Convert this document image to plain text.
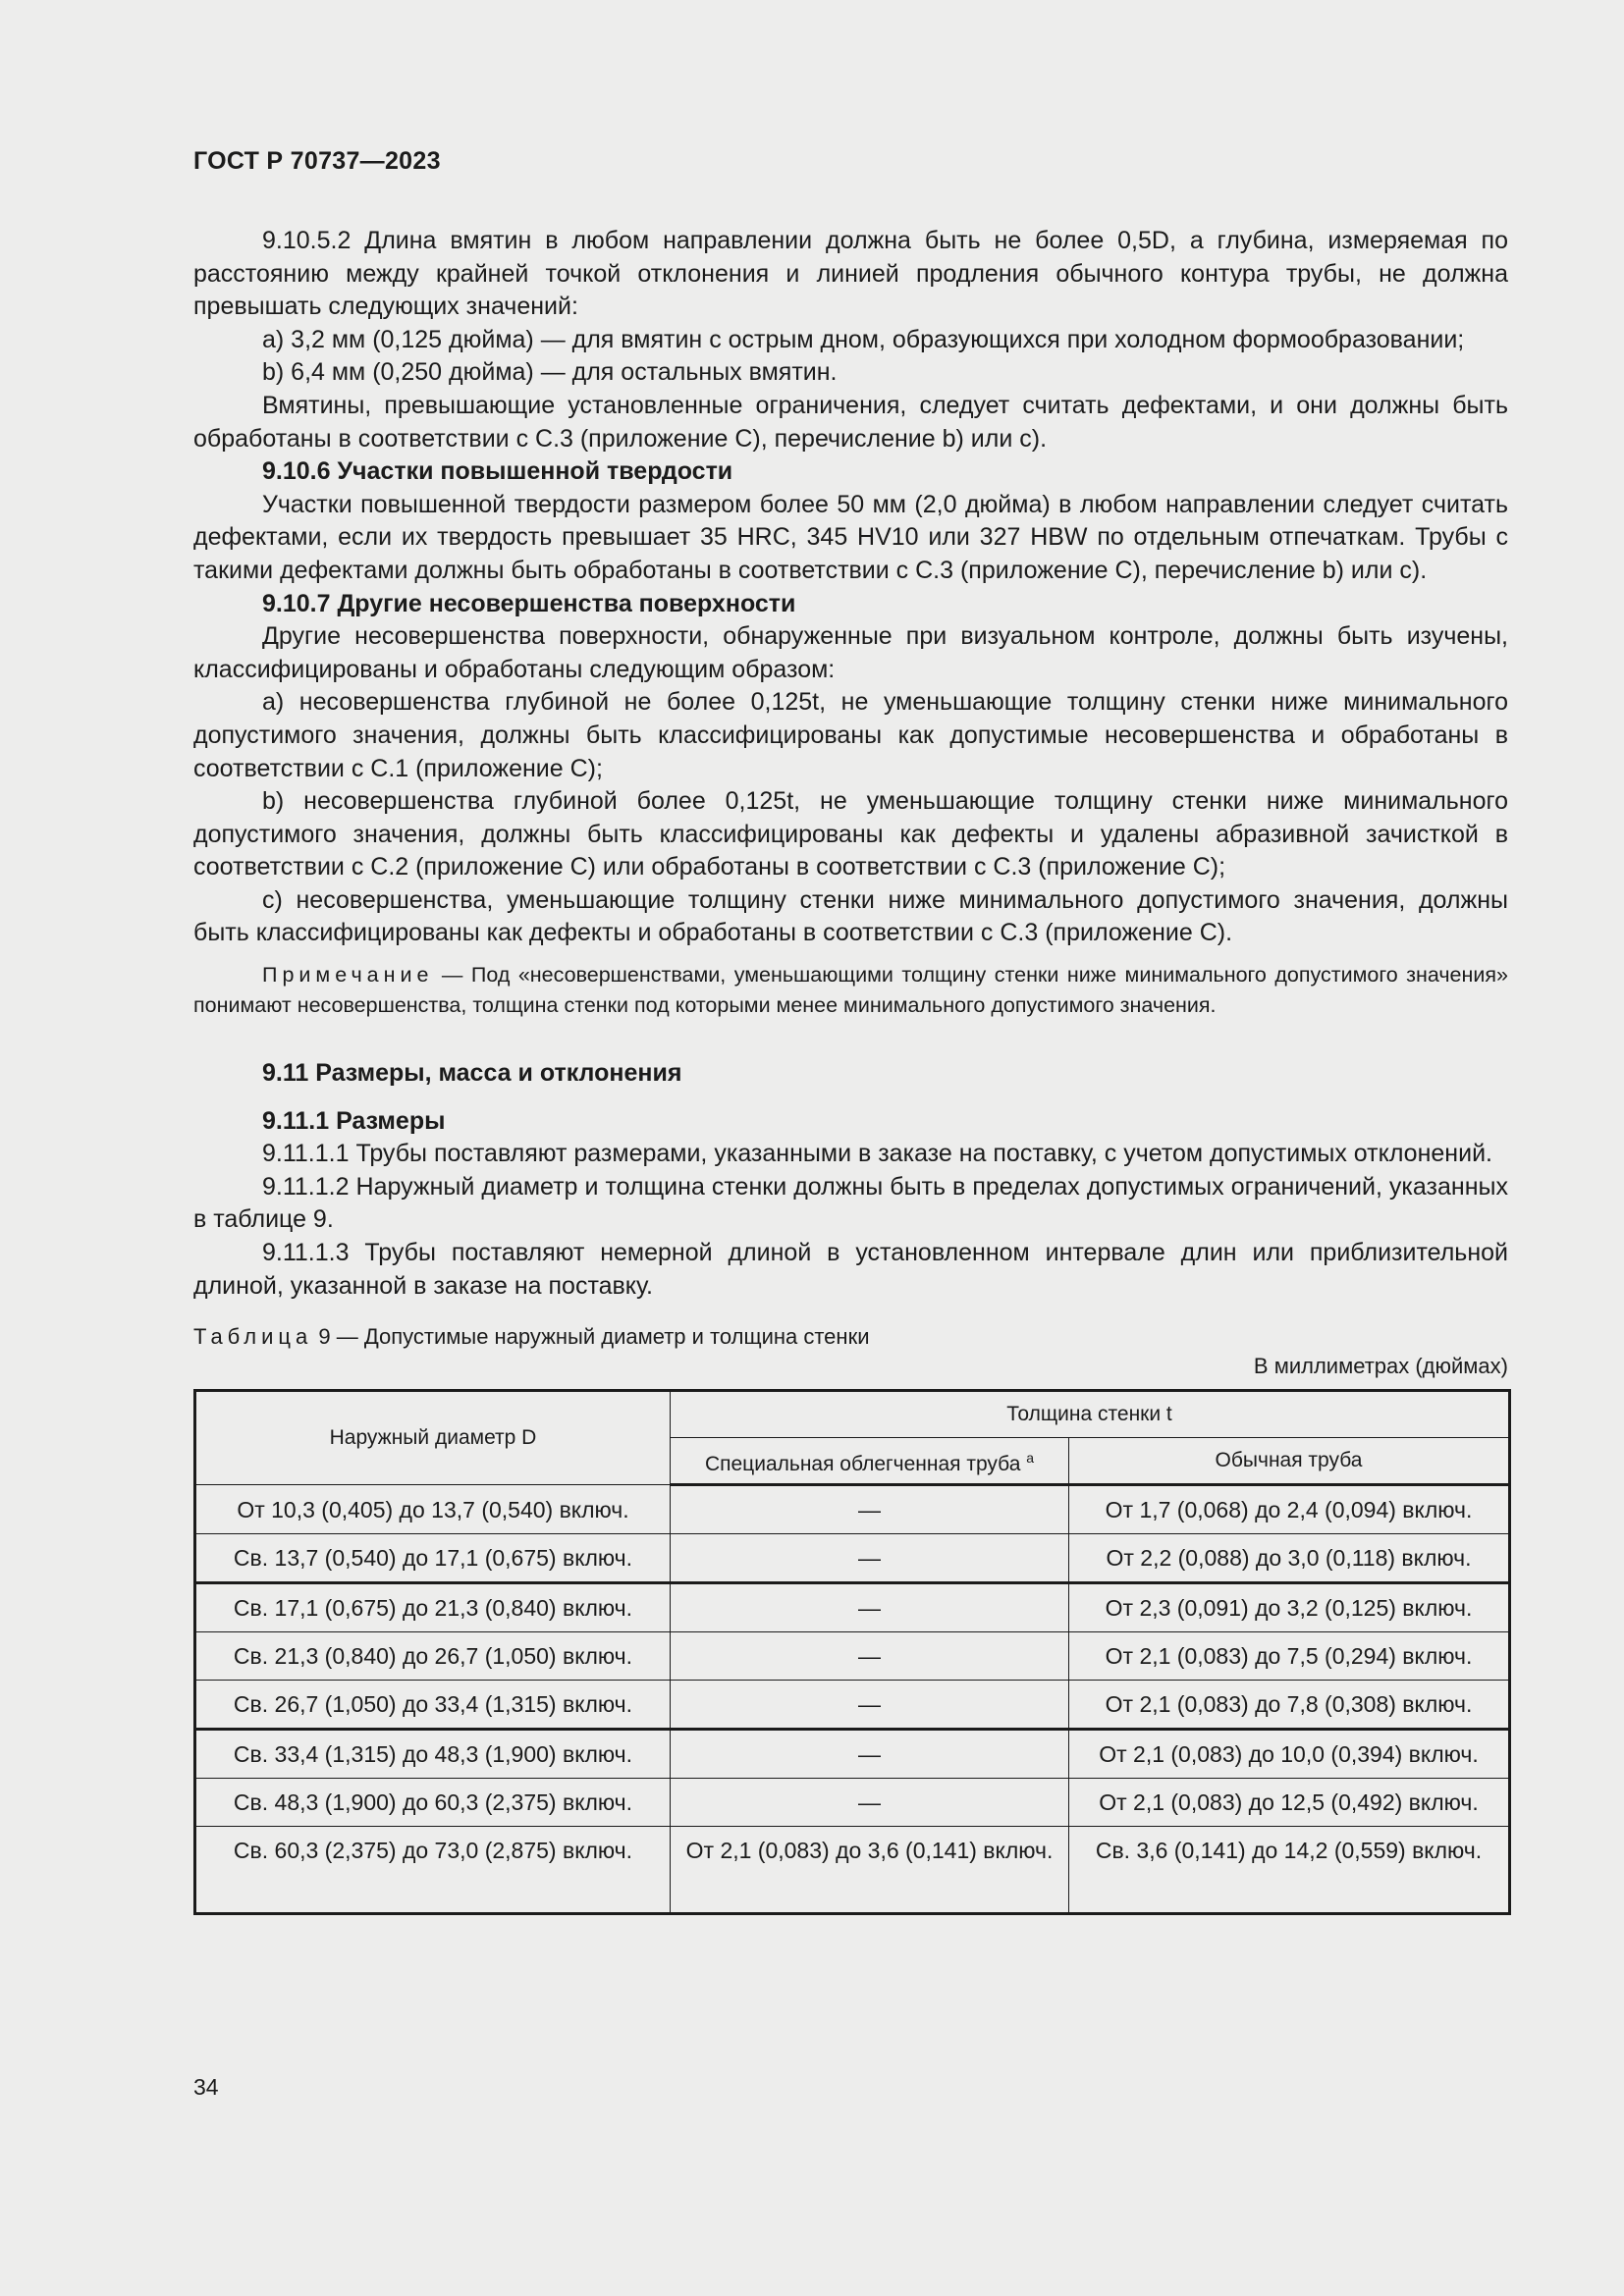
ГОСТ Р 70737—2023

9.10.5.2 Длина вмятин в любом направлении должна быть не более 0,5D, а глубина, измеряемая по расстоянию между крайней точкой отклонения и линией продления обычного контура трубы, не должна превышать следующих значений:

а) 3,2 мм (0,125 дюйма) — для вмятин с острым дном, образующихся при холодном формообразовании;

b) 6,4 мм (0,250 дюйма) — для остальных вмятин.

Вмятины, превышающие установленные ограничения, следует считать дефектами, и они должны быть обработаны в соответствии с С.3 (приложение С), перечисление b) или с).

9.10.6 Участки повышенной твердости

Участки повышенной твердости размером более 50 мм (2,0 дюйма) в любом направлении следует считать дефектами, если их твердость превышает 35 HRC, 345 HV10 или 327 HBW по отдельным отпечаткам. Трубы с такими дефектами должны быть обработаны в соответствии с С.3 (приложение С), перечисление b) или с).

9.10.7 Другие несовершенства поверхности

Другие несовершенства поверхности, обнаруженные при визуальном контроле, должны быть изучены, классифицированы и обработаны следующим образом:

а) несовершенства глубиной не более 0,125t, не уменьшающие толщину стенки ниже минимального допустимого значения, должны быть классифицированы как допустимые несовершенства и обработаны в соответствии с С.1 (приложение С);

b) несовершенства глубиной более 0,125t, не уменьшающие толщину стенки ниже минимального допустимого значения, должны быть классифицированы как дефекты и удалены абразивной зачисткой в соответствии с С.2 (приложение С) или обработаны в соответствии с С.3 (приложение С);

с) несовершенства, уменьшающие толщину стенки ниже минимального допустимого значения, должны быть классифицированы как дефекты и обработаны в соответствии с С.3 (приложение С).

Примечание — Под «несовершенствами, уменьшающими толщину стенки ниже минимального допустимого значения» понимают несовершенства, толщина стенки под которыми менее минимального допустимого значения.

9.11 Размеры, масса и отклонения

9.11.1 Размеры

9.11.1.1 Трубы поставляют размерами, указанными в заказе на поставку, с учетом допустимых отклонений.

9.11.1.2 Наружный диаметр и толщина стенки должны быть в пределах допустимых ограничений, указанных в таблице 9.

9.11.1.3 Трубы поставляют немерной длиной в установленном интервале длин или приблизительной длиной, указанной в заказе на поставку.

Таблица 9 — Допустимые наружный диаметр и толщина стенки

В миллиметрах (дюймах)

Наружный диаметр D	Толщина стенки t	
	Специальная облегченная труба $^a$	Обычная труба
От 10,3 (0,405) до 13,7 (0,540) включ.	—	От 1,7 (0,068) до 2,4 (0,094) включ.
Св. 13,7 (0,540) до 17,1 (0,675) включ.	—	От 2,2 (0,088) до 3,0 (0,118) включ.
Св. 17,1 (0,675) до 21,3 (0,840) включ.	—	От 2,3 (0,091) до 3,2 (0,125) включ.
Св. 21,3 (0,840) до 26,7 (1,050) включ.	—	От 2,1 (0,083) до 7,5 (0,294) включ.
Св. 26,7 (1,050) до 33,4 (1,315) включ.	—	От 2,1 (0,083) до 7,8 (0,308) включ.
Св. 33,4 (1,315) до 48,3 (1,900) включ.	—	От 2,1 (0,083) до 10,0 (0,394) включ.
Св. 48,3 (1,900) до 60,3 (2,375) включ.	—	От 2,1 (0,083) до 12,5 (0,492) включ.
Св. 60,3 (2,375) до 73,0 (2,875) включ.	От 2,1 (0,083) до 3,6 (0,141) включ.	Св. 3,6 (0,141) до 14,2 (0,559) включ.
34
